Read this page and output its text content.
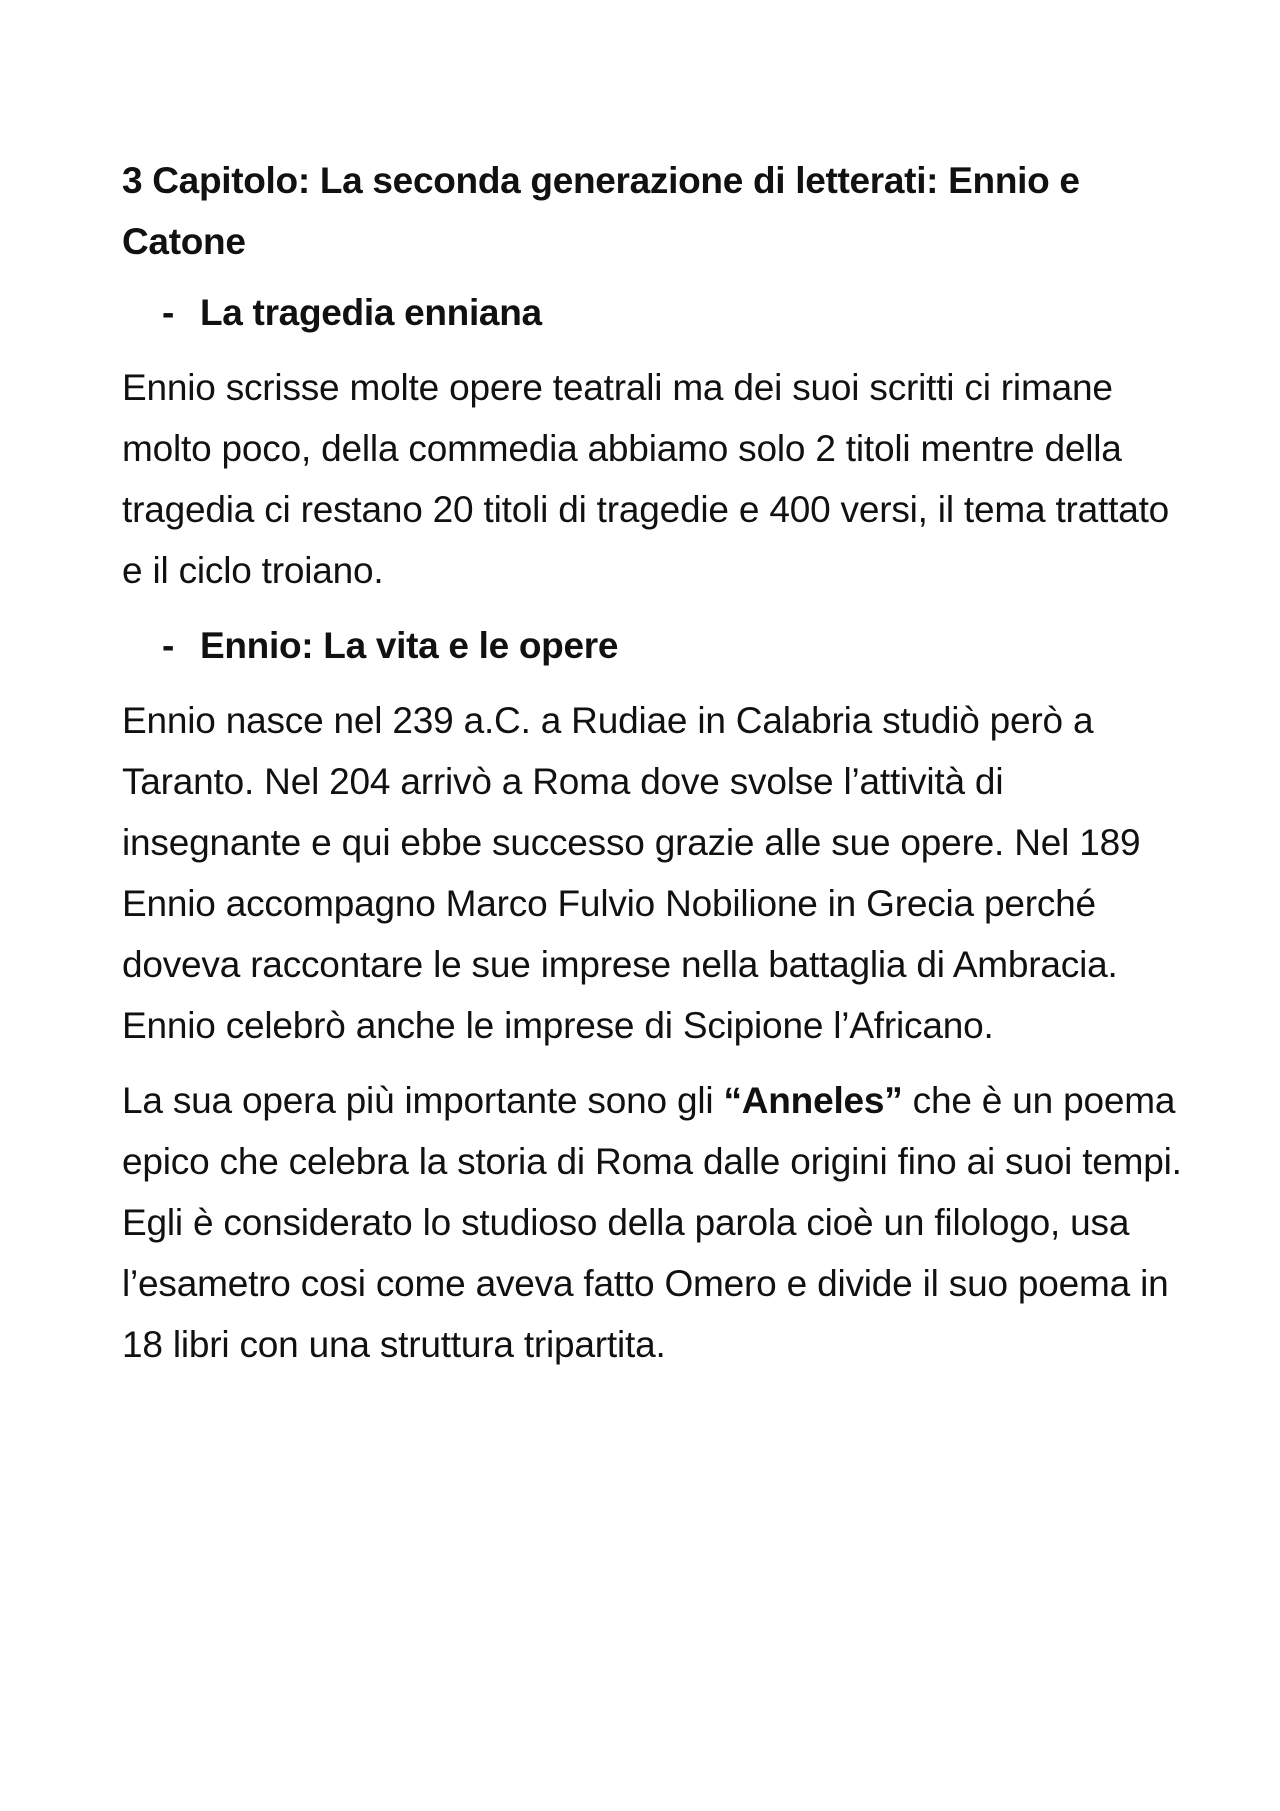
3 Capitolo: La seconda generazione di letterati: Ennio e Catone
- La tragedia enniana

Ennio scrisse molte opere teatrali ma dei suoi scritti ci rimane molto poco, della commedia abbiamo solo 2 titoli mentre della tragedia ci restano 20 titoli di tragedie e 400 versi, il tema trattato e il ciclo troiano.

- Ennio: La vita e le opere

Ennio nasce nel 239 a.C. a Rudiae in Calabria studiò però a Taranto. Nel 204 arrivò a Roma dove svolse l’attività di insegnante e qui ebbe successo grazie alle sue opere. Nel 189 Ennio accompagno Marco Fulvio Nobilione in Grecia perché doveva raccontare le sue imprese nella battaglia di Ambracia. Ennio celebrò anche le imprese di Scipione l’Africano.

La sua opera più importante sono gli “Anneles” che è un poema epico che celebra la storia di Roma dalle origini fino ai suoi tempi. Egli è considerato lo studioso della parola cioè un filologo, usa l’esametro cosi come aveva fatto Omero e divide il suo poema in 18 libri con una struttura tripartita.
